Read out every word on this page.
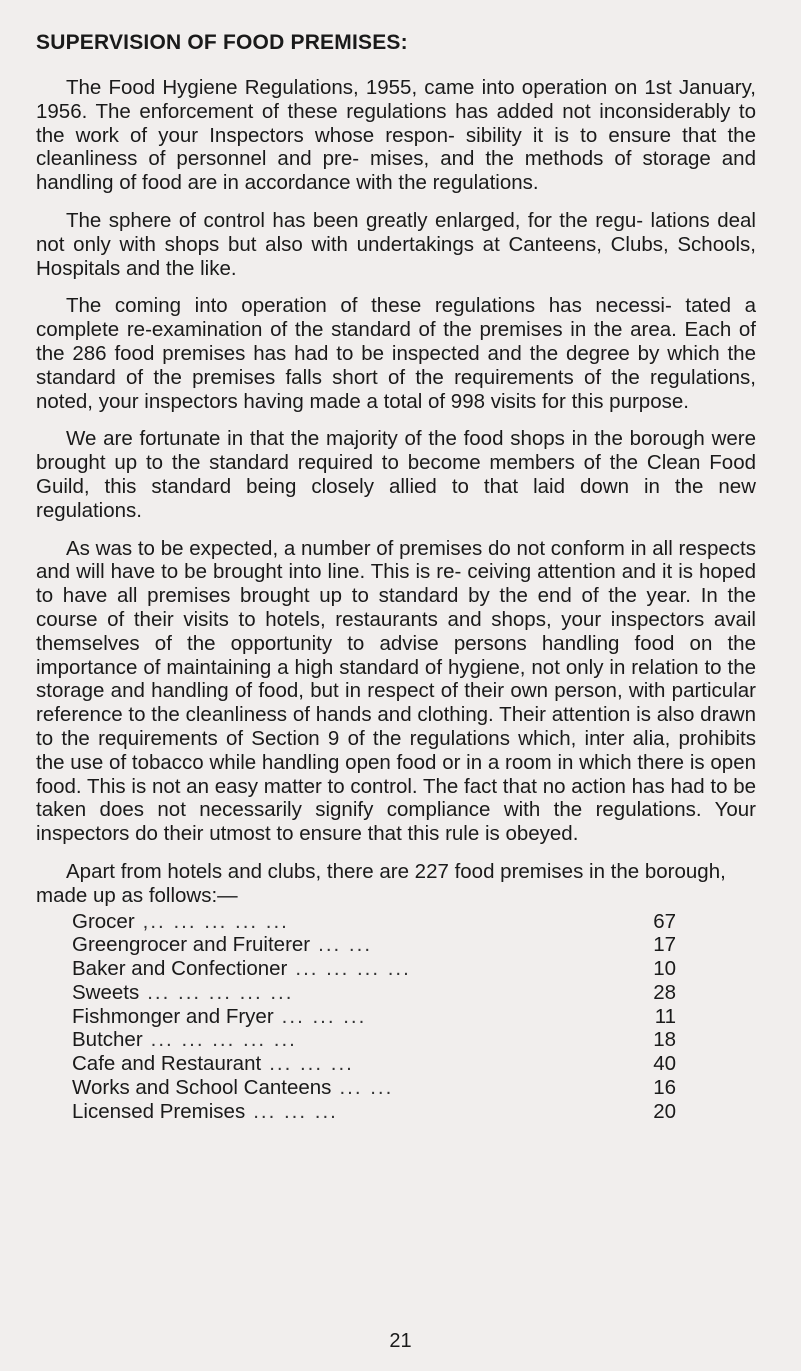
SUPERVISION OF FOOD PREMISES:

The Food Hygiene Regulations, 1955, came into operation on 1st January, 1956. The enforcement of these regulations has added not inconsiderably to the work of your Inspectors whose respon- sibility it is to ensure that the cleanliness of personnel and pre- mises, and the methods of storage and handling of food are in accordance with the regulations.

The sphere of control has been greatly enlarged, for the regu- lations deal not only with shops but also with undertakings at Canteens, Clubs, Schools, Hospitals and the like.

The coming into operation of these regulations has necessi- tated a complete re-examination of the standard of the premises in the area. Each of the 286 food premises has had to be inspected and the degree by which the standard of the premises falls short of the requirements of the regulations, noted, your inspectors having made a total of 998 visits for this purpose.

We are fortunate in that the majority of the food shops in the borough were brought up to the standard required to become members of the Clean Food Guild, this standard being closely allied to that laid down in the new regulations.

As was to be expected, a number of premises do not conform in all respects and will have to be brought into line. This is re- ceiving attention and it is hoped to have all premises brought up to standard by the end of the year. In the course of their visits to hotels, restaurants and shops, your inspectors avail themselves of the opportunity to advise persons handling food on the importance of maintaining a high standard of hygiene, not only in relation to the storage and handling of food, but in respect of their own person, with particular reference to the cleanliness of hands and clothing. Their attention is also drawn to the requirements of Section 9 of the regulations which, inter alia, prohibits the use of tobacco while handling open food or in a room in which there is open food. This is not an easy matter to control. The fact that no action has had to be taken does not necessarily signify compliance with the regulations. Your inspectors do their utmost to ensure that this rule is obeyed.

Apart from hotels and clubs, there are 227 food premises in the borough, made up as follows:—

Grocer ,.. ... ... ... ...	67
Greengrocer and Fruiterer ... ...	17
Baker and Confectioner ... ... ... ...	10
Sweets ... ... ... ... ...	28
Fishmonger and Fryer ... ... ...	11
Butcher ... ... ... ... ...	18
Cafe and Restaurant ... ... ...	40
Works and School Canteens ... ...	16
Licensed Premises ... ... ...	20
21
